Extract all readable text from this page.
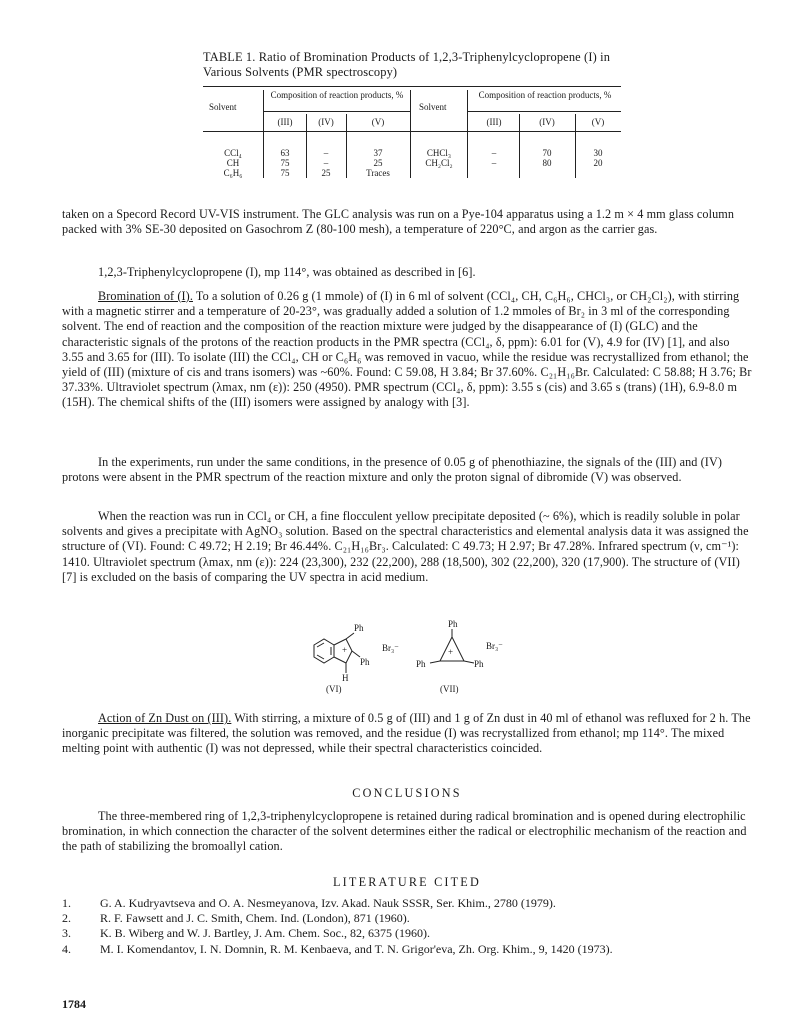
TABLE 1. Ratio of Bromination Products of 1,2,3-Triphenylcyclopropene (I) in Various Solvents (PMR spectroscopy)
Solvent
Composition of reaction products, %
Solvent
Composition of reaction products, %
(III)	(IV)	(V)	(III)	(IV)	(V)
CCl₄	63	–	37
CH	75	–	25
C₆H₆	75	25	Traces
CHCl₃	–	70	30
CH₂Cl₂	–	80	20

taken on a Specord Record UV-VIS instrument. The GLC analysis was run on a Pye-104 apparatus using a 1.2 m × 4 mm glass column packed with 3% SE-30 deposited on Gasochrom Z (80-100 mesh), a temperature of 220°C, and argon as the carrier gas.

1,2,3-Triphenylcyclopropene (I), mp 114°, was obtained as described in [6].

Bromination of (I). To a solution of 0.26 g (1 mmole) of (I) in 6 ml of solvent (CCl₄, CH, C₆H₆, CHCl₃, or CH₂Cl₂), with stirring with a magnetic stirrer and a temperature of 20-23°, was gradually added a solution of 1.2 mmoles of Br₂ in 3 ml of the corresponding solvent. The end of reaction and the composition of the reaction mixture were judged by the disappearance of (I) (GLC) and the characteristic signals of the protons of the reaction products in the PMR spectra (CCl₄, δ, ppm): 6.01 for (V), 4.9 for (IV) [1], and also 3.55 and 3.65 for (III). To isolate (III) the CCl₄, CH or C₆H₆ was removed in vacuo, while the residue was recrystallized from ethanol; the yield of (III) (mixture of cis and trans isomers) was ~60%. Found: C 59.08, H 3.84; Br 37.60%. C₂₁H₁₆Br. Calculated: C 58.88; H 3.76; Br 37.33%. Ultraviolet spectrum (λmax, nm (ε)): 250 (4950). PMR spectrum (CCl₄, δ, ppm): 3.55 s (cis) and 3.65 s (trans) (1H), 6.9-8.0 m (15H). The chemical shifts of the (III) isomers were assigned by analogy with [3].

In the experiments, run under the same conditions, in the presence of 0.05 g of phenothiazine, the signals of the (III) and (IV) protons were absent in the PMR spectrum of the reaction mixture and only the proton signal of dibromide (V) was observed.

When the reaction was run in CCl₄ or CH, a fine flocculent yellow precipitate deposited (~ 6%), which is readily soluble in polar solvents and gives a precipitate with AgNO₃ solution. Based on the spectral characteristics and elemental analysis data it was assigned the structure of (VI). Found: C 49.72; H 2.19; Br 46.44%. C₂₁H₁₆Br₃. Calculated: C 49.73; H 2.97; Br 47.28%. Infrared spectrum (ν, cm⁻¹): 1410. Ultraviolet spectrum (λmax, nm (ε)): 224 (23,300), 232 (22,200), 288 (18,500), 302 (22,200), 320 (17,900). The structure of (VII) [7] is excluded on the basis of comparing the UV spectra in acid medium.

Ph
+
Ph
Br₃⁻
H
Ph
+
Ph	Ph
Br₃⁻
(VI)	(VII)

Action of Zn Dust on (III). With stirring, a mixture of 0.5 g of (III) and 1 g of Zn dust in 40 ml of ethanol was refluxed for 2 h. The inorganic precipitate was filtered, the solution was removed, and the residue (I) was recrystallized from ethanol; mp 114°. The mixed melting point with authentic (I) was not depressed, while their spectral characteristics coincided.

CONCLUSIONS

The three-membered ring of 1,2,3-triphenylcyclopropene is retained during radical bromination and is opened during electrophilic bromination, in which connection the character of the solvent determines either the radical or electrophilic mechanism of the reaction and the path of stabilizing the bromoallyl cation.

LITERATURE CITED
1. G. A. Kudryavtseva and O. A. Nesmeyanova, Izv. Akad. Nauk SSSR, Ser. Khim., 2780 (1979).
2. R. F. Fawsett and J. C. Smith, Chem. Ind. (London), 871 (1960).
3. K. B. Wiberg and W. J. Bartley, J. Am. Chem. Soc., 82, 6375 (1960).
4. M. I. Komendantov, I. N. Domnin, R. M. Kenbaeva, and T. N. Grigor'eva, Zh. Org. Khim., 9, 1420 (1973).
1784
